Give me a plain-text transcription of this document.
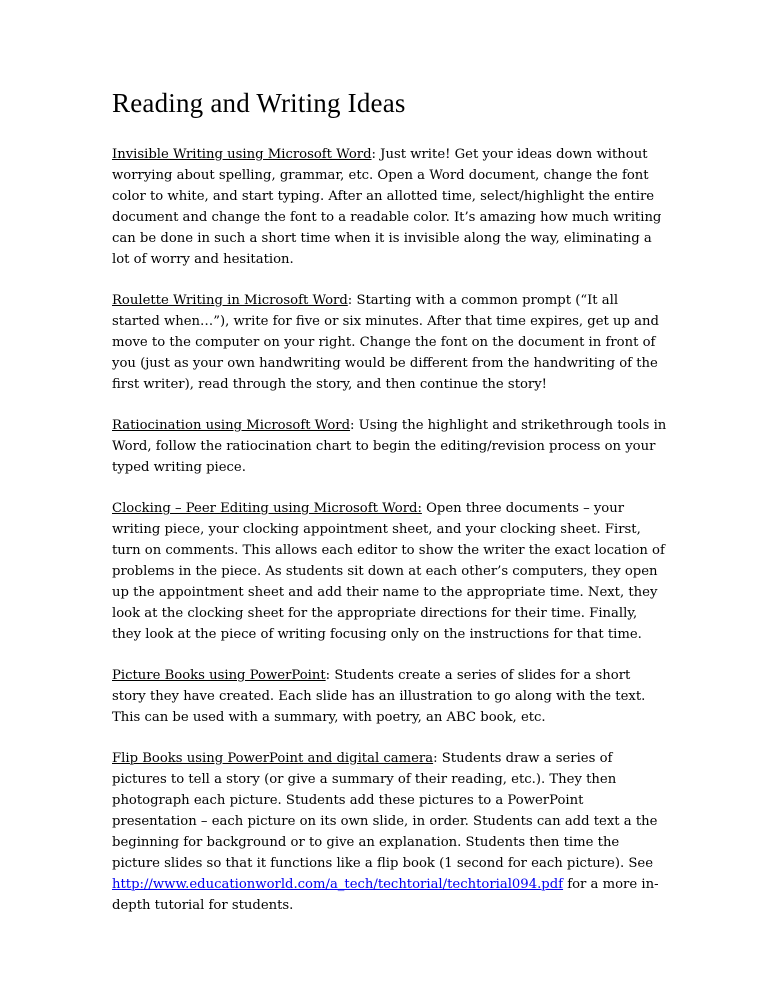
Reading and Writing Ideas

Invisible Writing using Microsoft Word: Just write! Get your ideas down without worrying about spelling, grammar, etc. Open a Word document, change the font color to white, and start typing. After an allotted time, select/highlight the entire document and change the font to a readable color. It’s amazing how much writing can be done in such a short time when it is invisible along the way, eliminating a lot of worry and hesitation.

Roulette Writing in Microsoft Word: Starting with a common prompt (“It all started when…”), write for five or six minutes. After that time expires, get up and move to the computer on your right. Change the font on the document in front of you (just as your own handwriting would be different from the handwriting of the first writer), read through the story, and then continue the story!

Ratiocination using Microsoft Word: Using the highlight and strikethrough tools in Word, follow the ratiocination chart to begin the editing/revision process on your typed writing piece.

Clocking – Peer Editing using Microsoft Word: Open three documents – your writing piece, your clocking appointment sheet, and your clocking sheet. First, turn on comments. This allows each editor to show the writer the exact location of problems in the piece. As students sit down at each other’s computers, they open up the appointment sheet and add their name to the appropriate time. Next, they look at the clocking sheet for the appropriate directions for their time. Finally, they look at the piece of writing focusing only on the instructions for that time.

Picture Books using PowerPoint: Students create a series of slides for a short story they have created. Each slide has an illustration to go along with the text. This can be used with a summary, with poetry, an ABC book, etc.

Flip Books using PowerPoint and digital camera: Students draw a series of pictures to tell a story (or give a summary of their reading, etc.). They then photograph each picture. Students add these pictures to a PowerPoint presentation – each picture on its own slide, in order. Students can add text a the beginning for background or to give an explanation. Students then time the picture slides so that it functions like a flip book (1 second for each picture). See http://www.educationworld.com/a_tech/techtorial/techtorial094.pdf for a more in-depth tutorial for students.
